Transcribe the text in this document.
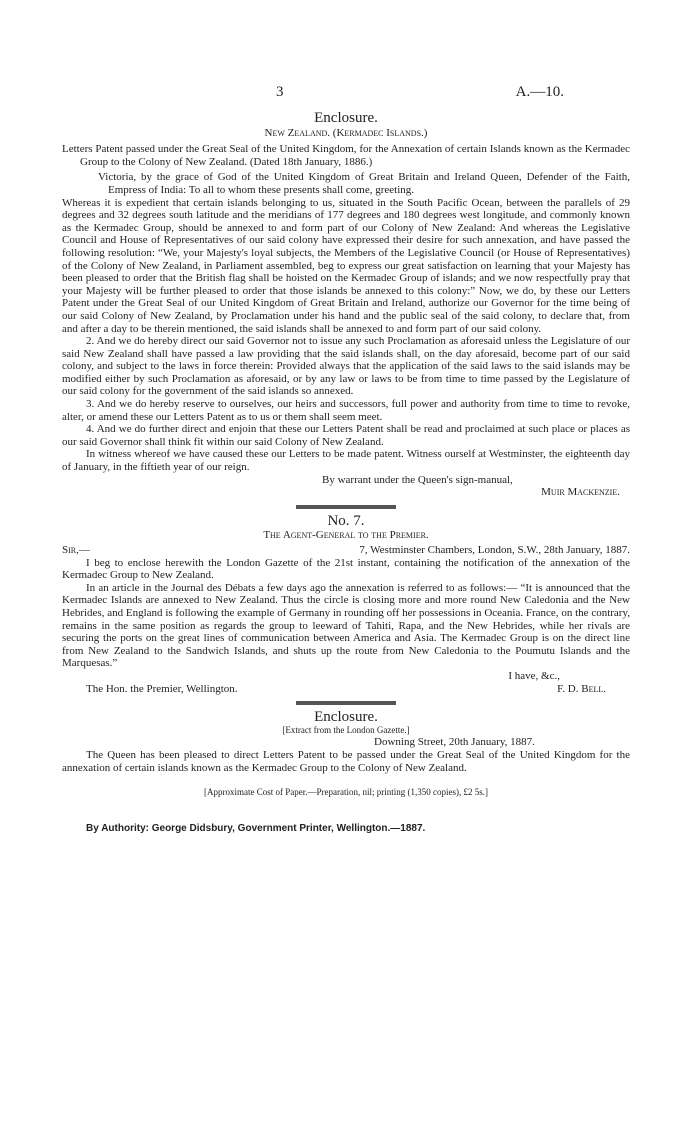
3	A.—10.
Enclosure.
New Zealand. (Kermadec Islands.)

Letters Patent passed under the Great Seal of the United Kingdom, for the Annexation of certain Islands known as the Kermadec Group to the Colony of New Zealand. (Dated 18th January, 1886.)

Victoria, by the grace of God of the United Kingdom of Great Britain and Ireland Queen, Defender of the Faith, Empress of India: To all to whom these presents shall come, greeting.

Whereas it is expedient that certain islands belonging to us, situated in the South Pacific Ocean, between the parallels of 29 degrees and 32 degrees south latitude and the meridians of 177 degrees and 180 degrees west longitude, and commonly known as the Kermadec Group, should be annexed to and form part of our Colony of New Zealand: And whereas the Legislative Council and House of Representatives of our said colony have expressed their desire for such annexation, and have passed the following resolution: “We, your Majesty's loyal subjects, the Members of the Legislative Council (or House of Representatives) of the Colony of New Zealand, in Parliament assembled, beg to express our great satisfaction on learning that your Majesty has been pleased to order that the British flag shall be hoisted on the Kermadec Group of islands; and we now respectfully pray that your Majesty will be further pleased to order that those islands be annexed to this colony:” Now, we do, by these our Letters Patent under the Great Seal of our United Kingdom of Great Britain and Ireland, authorize our Governor for the time being of our said Colony of New Zealand, by Proclamation under his hand and the public seal of the said colony, to declare that, from and after a day to be therein mentioned, the said islands shall be annexed to and form part of our said colony.

2. And we do hereby direct our said Governor not to issue any such Proclamation as aforesaid unless the Legislature of our said New Zealand shall have passed a law providing that the said islands shall, on the day aforesaid, become part of our said colony, and subject to the laws in force therein: Provided always that the application of the said laws to the said islands may be modified either by such Proclamation as aforesaid, or by any law or laws to be from time to time passed by the Legislature of our said colony for the government of the said islands so annexed.

3. And we do hereby reserve to ourselves, our heirs and successors, full power and authority from time to time to revoke, alter, or amend these our Letters Patent as to us or them shall seem meet.

4. And we do further direct and enjoin that these our Letters Patent shall be read and proclaimed at such place or places as our said Governor shall think fit within our said Colony of New Zealand.

In witness whereof we have caused these our Letters to be made patent. Witness ourself at Westminster, the eighteenth day of January, in the fiftieth year of our reign.

By warrant under the Queen's sign-manual,
Muir Mackenzie.
No. 7.
The Agent-General to the Premier.
Sir,—	7, Westminster Chambers, London, S.W., 28th January, 1887.

I beg to enclose herewith the London Gazette of the 21st instant, containing the notification of the annexation of the Kermadec Group to New Zealand.

In an article in the Journal des Débats a few days ago the annexation is referred to as follows:— “It is announced that the Kermadec Islands are annexed to New Zealand. Thus the circle is closing more and more round New Caledonia and the New Hebrides, and England is following the example of Germany in rounding off her possessions in Oceania. France, on the contrary, remains in the same position as regards the group to leeward of Tahiti, Rapa, and the New Hebrides, while her rivals are securing the ports on the great lines of communication between America and Asia. The Kermadec Group is on the direct line from New Zealand to the Sandwich Islands, and shuts up the route from New Caledonia to the Poumutu Islands and the Marquesas.”

I have, &c.,
The Hon. the Premier, Wellington.	F. D. Bell.
Enclosure.
[Extract from the London Gazette.]
Downing Street, 20th January, 1887.

The Queen has been pleased to direct Letters Patent to be passed under the Great Seal of the United Kingdom for the annexation of certain islands known as the Kermadec Group to the Colony of New Zealand.

[Approximate Cost of Paper.—Preparation, nil; printing (1,350 copies), £2 5s.]
By Authority: George Didsbury, Government Printer, Wellington.—1887.
